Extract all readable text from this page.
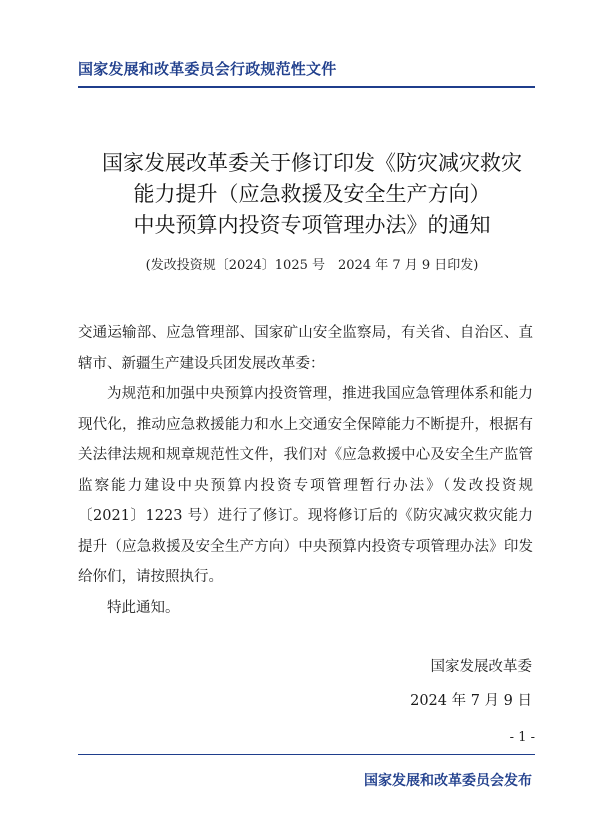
国家发展和改革委员会行政规范性文件
国家发展改革委关于修订印发《防灾减灾救灾
能力提升（应急救援及安全生产方向）
中央预算内投资专项管理办法》的通知
(发改投资规〔2024〕1025 号　2024 年 7 月 9 日印发)

交通运输部、应急管理部、国家矿山安全监察局，有关省、自治区、直辖市、新疆生产建设兵团发展改革委：

为规范和加强中央预算内投资管理，推进我国应急管理体系和能力现代化，推动应急救援能力和水上交通安全保障能力不断提升，根据有关法律法规和规章规范性文件，我们对《应急救援中心及安全生产监管监察能力建设中央预算内投资专项管理暂行办法》（发改投资规〔2021〕1223 号）进行了修订。现将修订后的《防灾减灾救灾能力提升（应急救援及安全生产方向）中央预算内投资专项管理办法》印发给你们，请按照执行。

特此通知。

国家发展改革委
2024 年 7 月 9 日
- 1 -
国家发展和改革委员会发布
